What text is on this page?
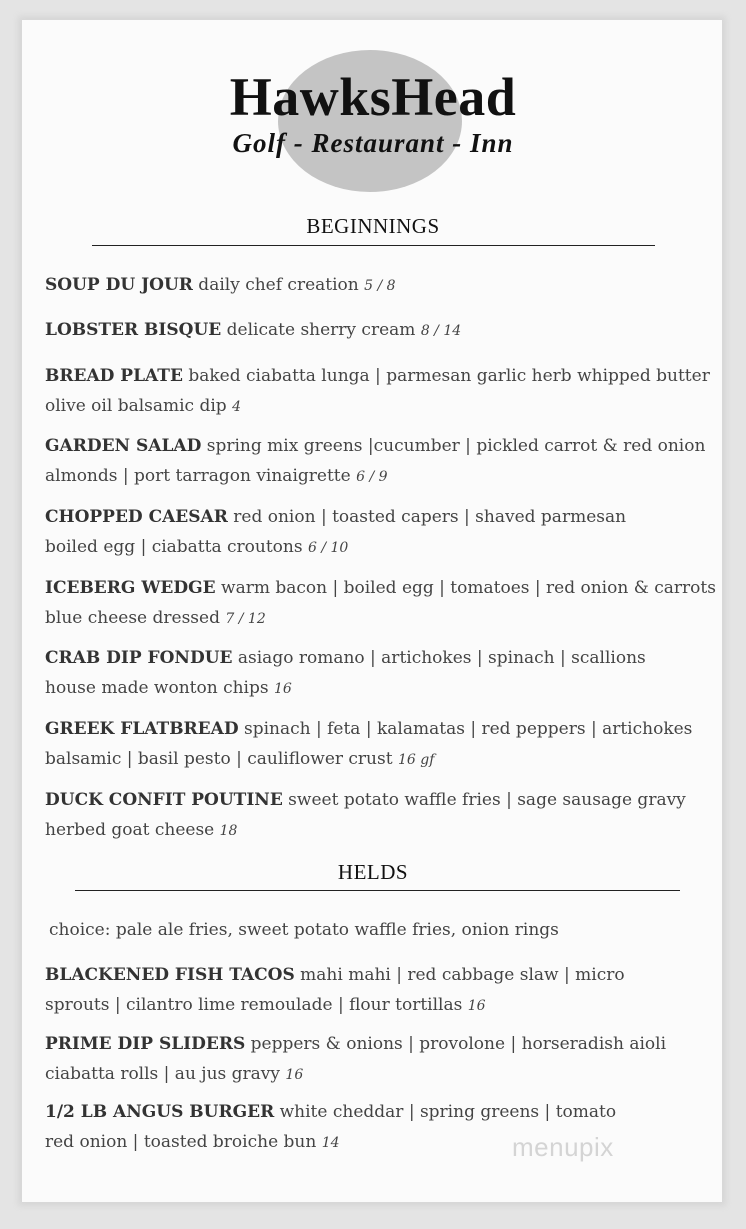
HawksHead
Golf - Restaurant - Inn
BEGINNINGS
SOUP DU JOUR daily chef creation 5 / 8
LOBSTER BISQUE delicate sherry cream 8 / 14
BREAD PLATE baked ciabatta lunga | parmesan garlic herb whipped butter
olive oil balsamic dip 4
GARDEN SALAD spring mix greens |cucumber | pickled carrot & red onion
almonds | port tarragon vinaigrette 6 / 9
CHOPPED CAESAR red onion | toasted capers | shaved parmesan
boiled egg | ciabatta croutons 6 / 10
ICEBERG WEDGE warm bacon | boiled egg | tomatoes | red onion & carrots
blue cheese dressed 7 / 12
CRAB DIP FONDUE asiago romano | artichokes | spinach | scallions
house made wonton chips 16
GREEK FLATBREAD spinach | feta | kalamatas | red peppers | artichokes
balsamic | basil pesto | cauliflower crust 16 gf
DUCK CONFIT POUTINE sweet potato waffle fries | sage sausage gravy
herbed goat cheese 18
HELDS
choice: pale ale fries, sweet potato waffle fries, onion rings
BLACKENED FISH TACOS mahi mahi | red cabbage slaw | micro
sprouts | cilantro lime remoulade | flour tortillas 16
PRIME DIP SLIDERS peppers & onions | provolone | horseradish aioli
ciabatta rolls | au jus gravy 16
1/2 LB ANGUS BURGER white cheddar | spring greens | tomato
red onion | toasted broiche bun 14	menupix
